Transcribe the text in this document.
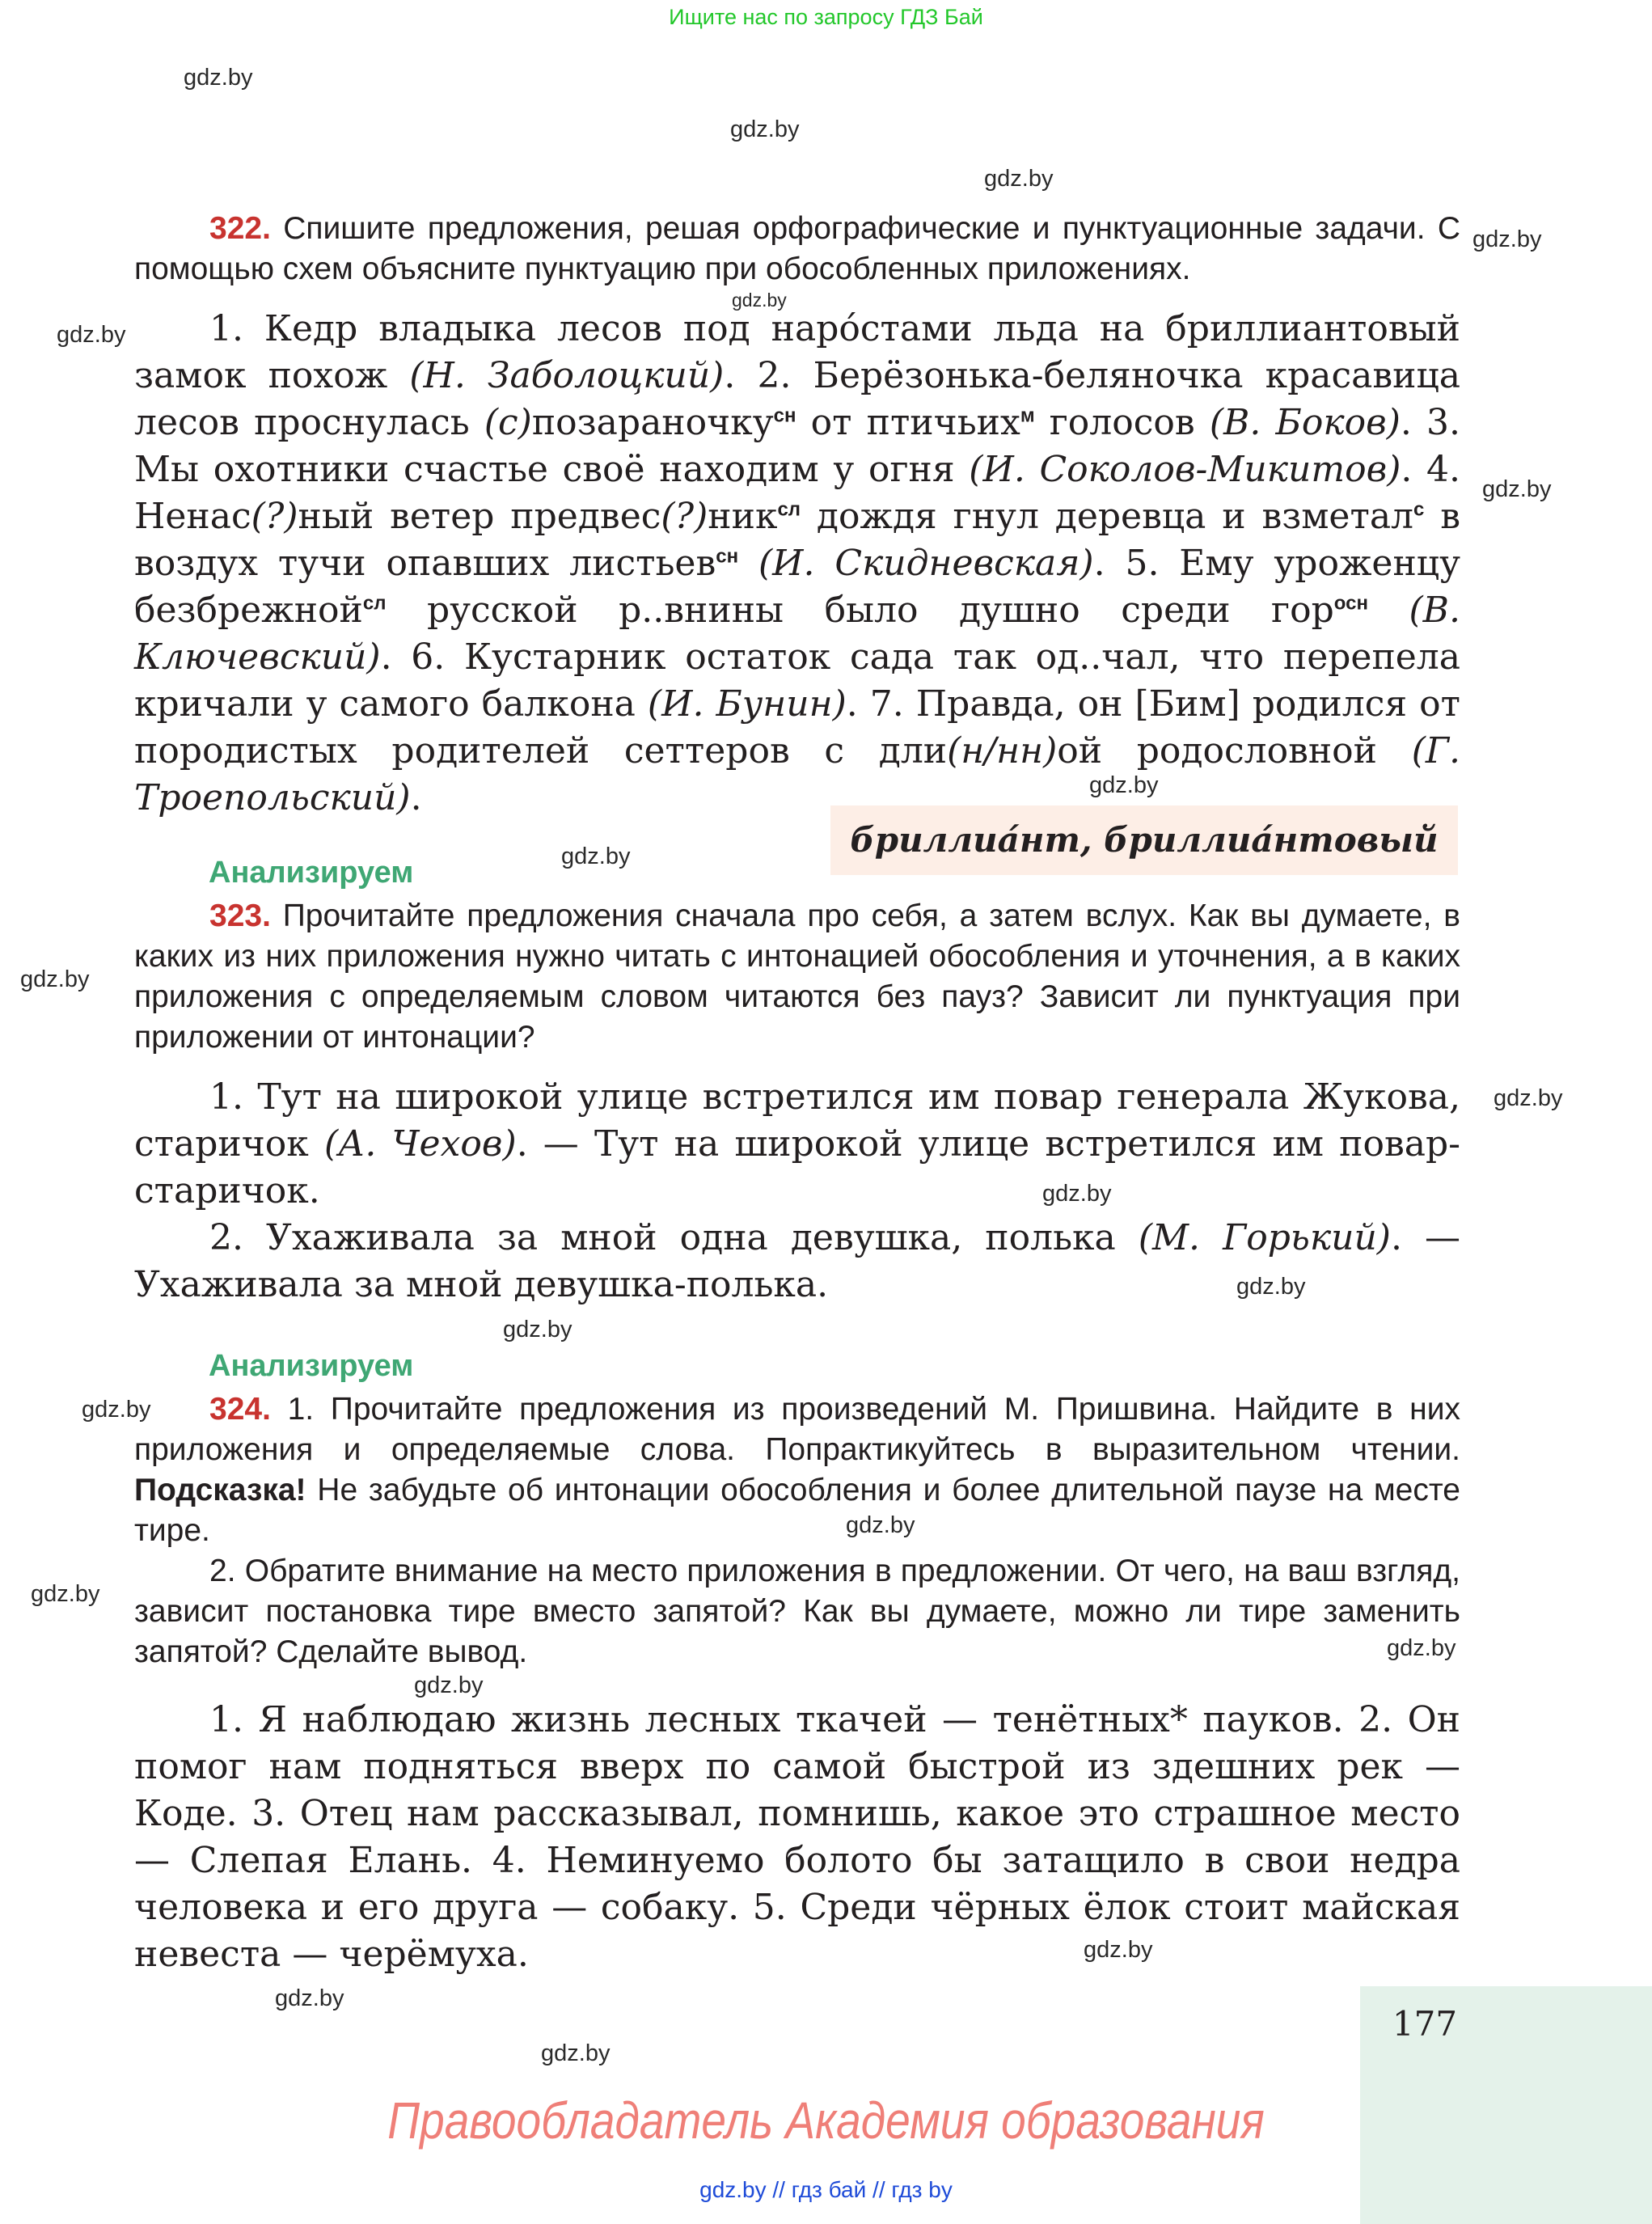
Ищите нас по запросу ГДЗ Бай
gdz.by
gdz.by
gdz.by
gdz.by
gdz.by
gdz.by
gdz.by
gdz.by
gdz.by
gdz.by
gdz.by
gdz.by
gdz.by
gdz.by
gdz.by
gdz.by
gdz.by
gdz.by
gdz.by
gdz.by
gdz.by
gdz.by
322. Спишите предложения, решая орфографические и пунктуационные задачи. С помощью схем объясните пунктуацию при обособленных приложениях.

1. Кедр владыка лесов под наро́стами льда на бриллиантовый замок похож (Н. Заболоцкий). 2. Берёзонька-беляночка красавица лесов проснулась (с)позараночку$^{сн}$ от птичьих$^м$ голосов (В. Боков). 3. Мы охотники счастье своё находим у огня (И. Соколов-Микитов). 4. Ненас(?)ный ветер предвес(?)ник$^{сл}$ дождя гнул деревца и взметал$^с$ в воздух тучи опавших листьев$^{сн}$ (И. Скидневская). 5. Ему уроженцу безбрежной$^{сл}$ русской р..внины было душно среди гор$^{осн}$ (В. Ключевский). 6. Кустарник остаток сада так од..чал, что перепела кричали у самого балкона (И. Бунин). 7. Правда, он [Бим] родился от породистых родителей сеттеров с дли(н/нн)ой родословной (Г. Троепольский).

бриллиа́нт, бриллиа́нтовый
Анализируем
323. Прочитайте предложения сначала про себя, а затем вслух. Как вы думаете, в каких из них приложения нужно читать с интонацией обособления и уточнения, а в каких приложения с определяемым словом читаются без пауз? Зависит ли пунктуация при приложении от интонации?

1. Тут на широкой улице встретился им повар генерала Жукова, старичок (А. Чехов). — Тут на широкой улице встретился им повар-старичок.

2. Ухаживала за мной одна девушка, полька (М. Горький). — Ухаживала за мной девушка-полька.

Анализируем
324. 1. Прочитайте предложения из произведений М. Пришвина. Найдите в них приложения и определяемые слова. Попрактикуйтесь в выразительном чтении. Подсказка! Не забудьте об интонации обособления и более длительной паузе на месте тире.
2. Обратите внимание на место приложения в предложении. От чего, на ваш взгляд, зависит постановка тире вместо запятой? Как вы думаете, можно ли тире заменить запятой? Сделайте вывод.

1. Я наблюдаю жизнь лесных ткачей — тенётных* пауков. 2. Он помог нам подняться вверх по самой быстрой из здешних рек — Коде. 3. Отец нам рассказывал, помнишь, какое это страшное место — Слепая Елань. 4. Неминуемо болото бы затащило в свои недра человека и его друга — собаку. 5. Среди чёрных ёлок стоит майская невеста — черёмуха.

177
Правообладатель Академия образования
gdz.by // гдз бай // гдз by
